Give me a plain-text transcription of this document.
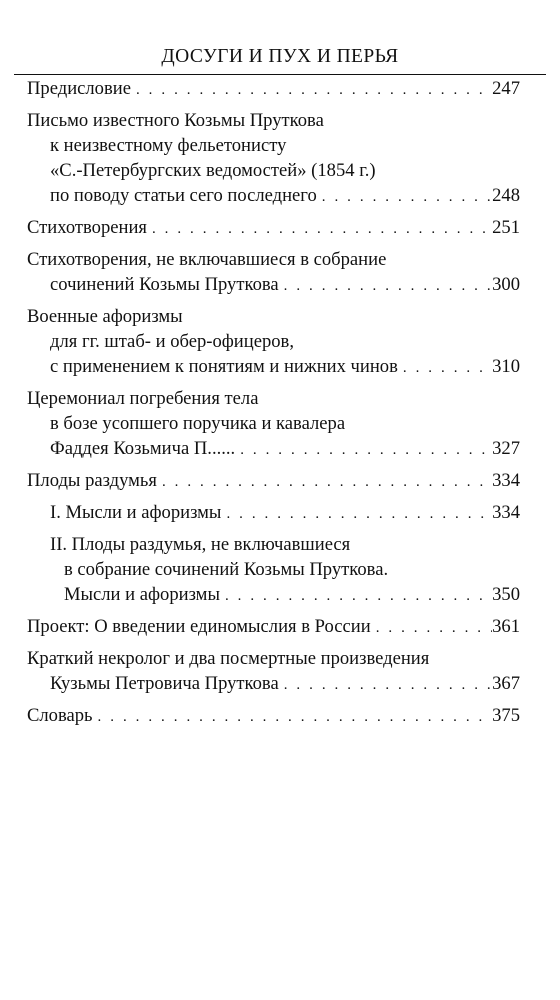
ДОСУГИ И ПУХ И ПЕРЬЯ
Предисловие . . .	247
Письмо известного Козьмы Пруткова
к неизвестному фельетонисту
«С.-Петербургских ведомостей» (1854 г.)
по поводу статьи сего последнего . . .	248
Стихотворения . . .	251
Стихотворения, не включавшиеся в собрание
сочинений Козьмы Пруткова . . .	300
Военные афоризмы
для гг. штаб- и обер-офицеров,
с применением к понятиям и нижних чинов . . .	310
Церемониал погребения тела
в бозе усопшего поручика и кавалера
Фаддея Козьмича П...... . . .	327
Плоды раздумья . . .	334
I. Мысли и афоризмы . . .	334
II. Плоды раздумья, не включавшиеся
в собрание сочинений Козьмы Пруткова.
Мысли и афоризмы . . .	350
Проект: О введении единомыслия в России . . .	361
Краткий некролог и два посмертные произведения
Кузьмы Петровича Пруткова . . .	367
Словарь . . .	375
